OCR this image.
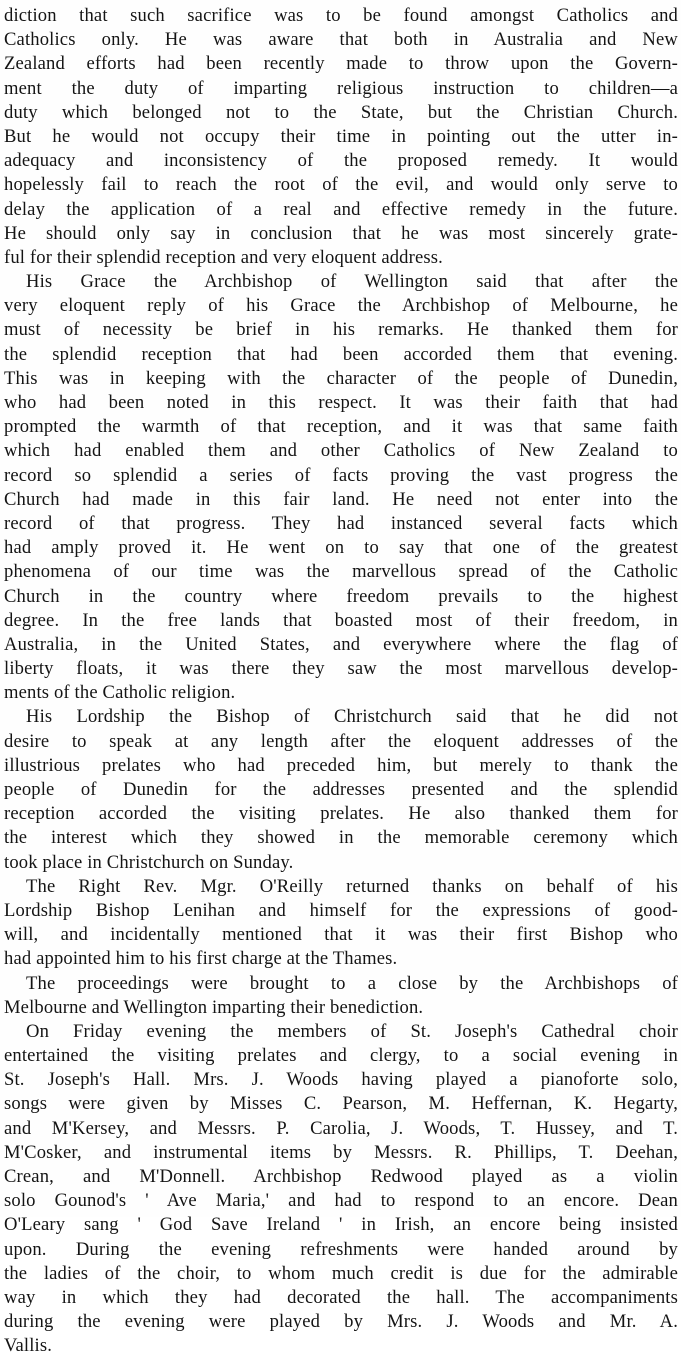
diction that such sacrifice was to be found amongst Catholics and
Catholics only. He was aware that both in Australia and New
Zealand efforts had been recently made to throw upon the Govern-
ment the duty of imparting religious instruction to children—a
duty which belonged not to the State, but the Christian Church.
But he would not occupy their time in pointing out the utter in-
adequacy and inconsistency of the proposed remedy. It would
hopelessly fail to reach the root of the evil, and would only serve to
delay the application of a real and effective remedy in the future.
He should only say in conclusion that he was most sincerely grate-
ful for their splendid reception and very eloquent address.
His Grace the Archbishop of Wellington said that after the
very eloquent reply of his Grace the Archbishop of Melbourne, he
must of necessity be brief in his remarks. He thanked them for
the splendid reception that had been accorded them that evening.
This was in keeping with the character of the people of Dunedin,
who had been noted in this respect. It was their faith that had
prompted the warmth of that reception, and it was that same faith
which had enabled them and other Catholics of New Zealand to
record so splendid a series of facts proving the vast progress the
Church had made in this fair land. He need not enter into the
record of that progress. They had instanced several facts which
had amply proved it. He went on to say that one of the greatest
phenomena of our time was the marvellous spread of the Catholic
Church in the country where freedom prevails to the highest
degree. In the free lands that boasted most of their freedom, in
Australia, in the United States, and everywhere where the flag of
liberty floats, it was there they saw the most marvellous develop-
ments of the Catholic religion.
His Lordship the Bishop of Christchurch said that he did not
desire to speak at any length after the eloquent addresses of the
illustrious prelates who had preceded him, but merely to thank the
people of Dunedin for the addresses presented and the splendid
reception accorded the visiting prelates. He also thanked them for
the interest which they showed in the memorable ceremony which
took place in Christchurch on Sunday.
The Right Rev. Mgr. O'Reilly returned thanks on behalf of his
Lordship Bishop Lenihan and himself for the expressions of good-
will, and incidentally mentioned that it was their first Bishop who
had appointed him to his first charge at the Thames.
The proceedings were brought to a close by the Archbishops of
Melbourne and Wellington imparting their benediction.
On Friday evening the members of St. Joseph's Cathedral choir
entertained the visiting prelates and clergy, to a social evening in
St. Joseph's Hall. Mrs. J. Woods having played a pianoforte solo,
songs were given by Misses C. Pearson, M. Heffernan, K. Hegarty,
and M'Kersey, and Messrs. P. Carolia, J. Woods, T. Hussey, and T.
M'Cosker, and instrumental items by Messrs. R. Phillips, T. Deehan,
Crean, and M'Donnell. Archbishop Redwood played as a violin
solo Gounod's ' Ave Maria,' and had to respond to an encore. Dean
O'Leary sang ' God Save Ireland ' in Irish, an encore being insisted
upon. During the evening refreshments were handed around by
the ladies of the choir, to whom much credit is due for the admirable
way in which they had decorated the hall. The accompaniments
during the evening were played by Mrs. J. Woods and Mr. A.
Vallis.
